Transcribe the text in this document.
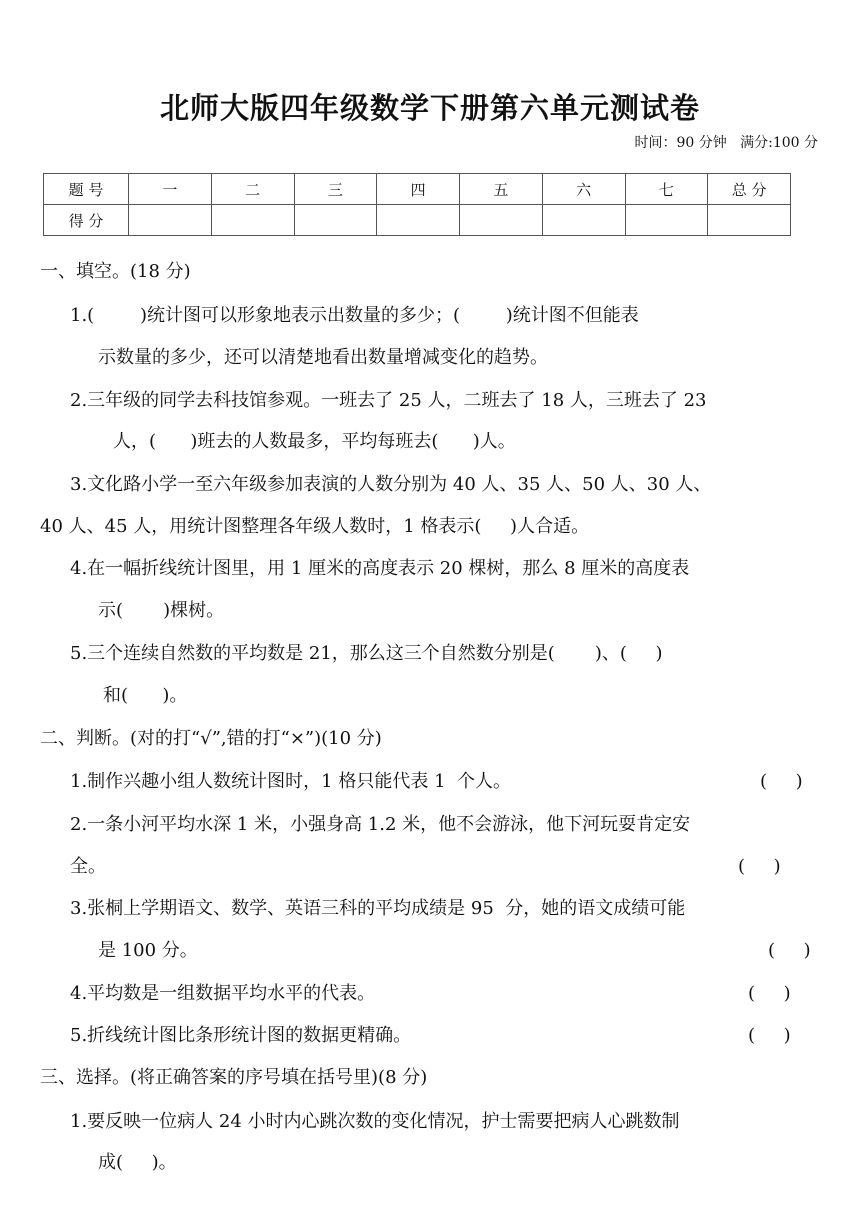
北师大版四年级数学下册第六单元测试卷
时间：90 分钟   满分:100 分
题 号	一	二	三	四	五	六	七	总 分
得 分								
一、填空。(18 分)
1.(        )统计图可以形象地表示出数量的多少；(        )统计图不但能表
示数量的多少，还可以清楚地看出数量增减变化的趋势。
2.三年级的同学去科技馆参观。一班去了 25 人，二班去了 18 人，三班去了 23
人，(      )班去的人数最多，平均每班去(      )人。
3.文化路小学一至六年级参加表演的人数分别为 40 人、35 人、50 人、30 人、
40 人、45 人，用统计图整理各年级人数时，1 格表示(     )人合适。
4.在一幅折线统计图里，用 1 厘米的高度表示 20 棵树，那么 8 厘米的高度表
示(       )棵树。
5.三个连续自然数的平均数是 21，那么这三个自然数分别是(       )、(     )
和(      )。
二、判断。(对的打“√”,错的打“×”)(10 分)
1.制作兴趣小组人数统计图时，1 格只能代表 1  个人。	(     )
2.一条小河平均水深 1 米，小强身高 1.2 米，他不会游泳，他下河玩耍肯定安
全。	(     )
3.张桐上学期语文、数学、英语三科的平均成绩是 95  分，她的语文成绩可能
是 100 分。	(     )
4.平均数是一组数据平均水平的代表。	(     )
5.折线统计图比条形统计图的数据更精确。	(     )
三、选择。(将正确答案的序号填在括号里)(8 分)
1.要反映一位病人 24 小时内心跳次数的变化情况，护士需要把病人心跳数制
成(     )。
